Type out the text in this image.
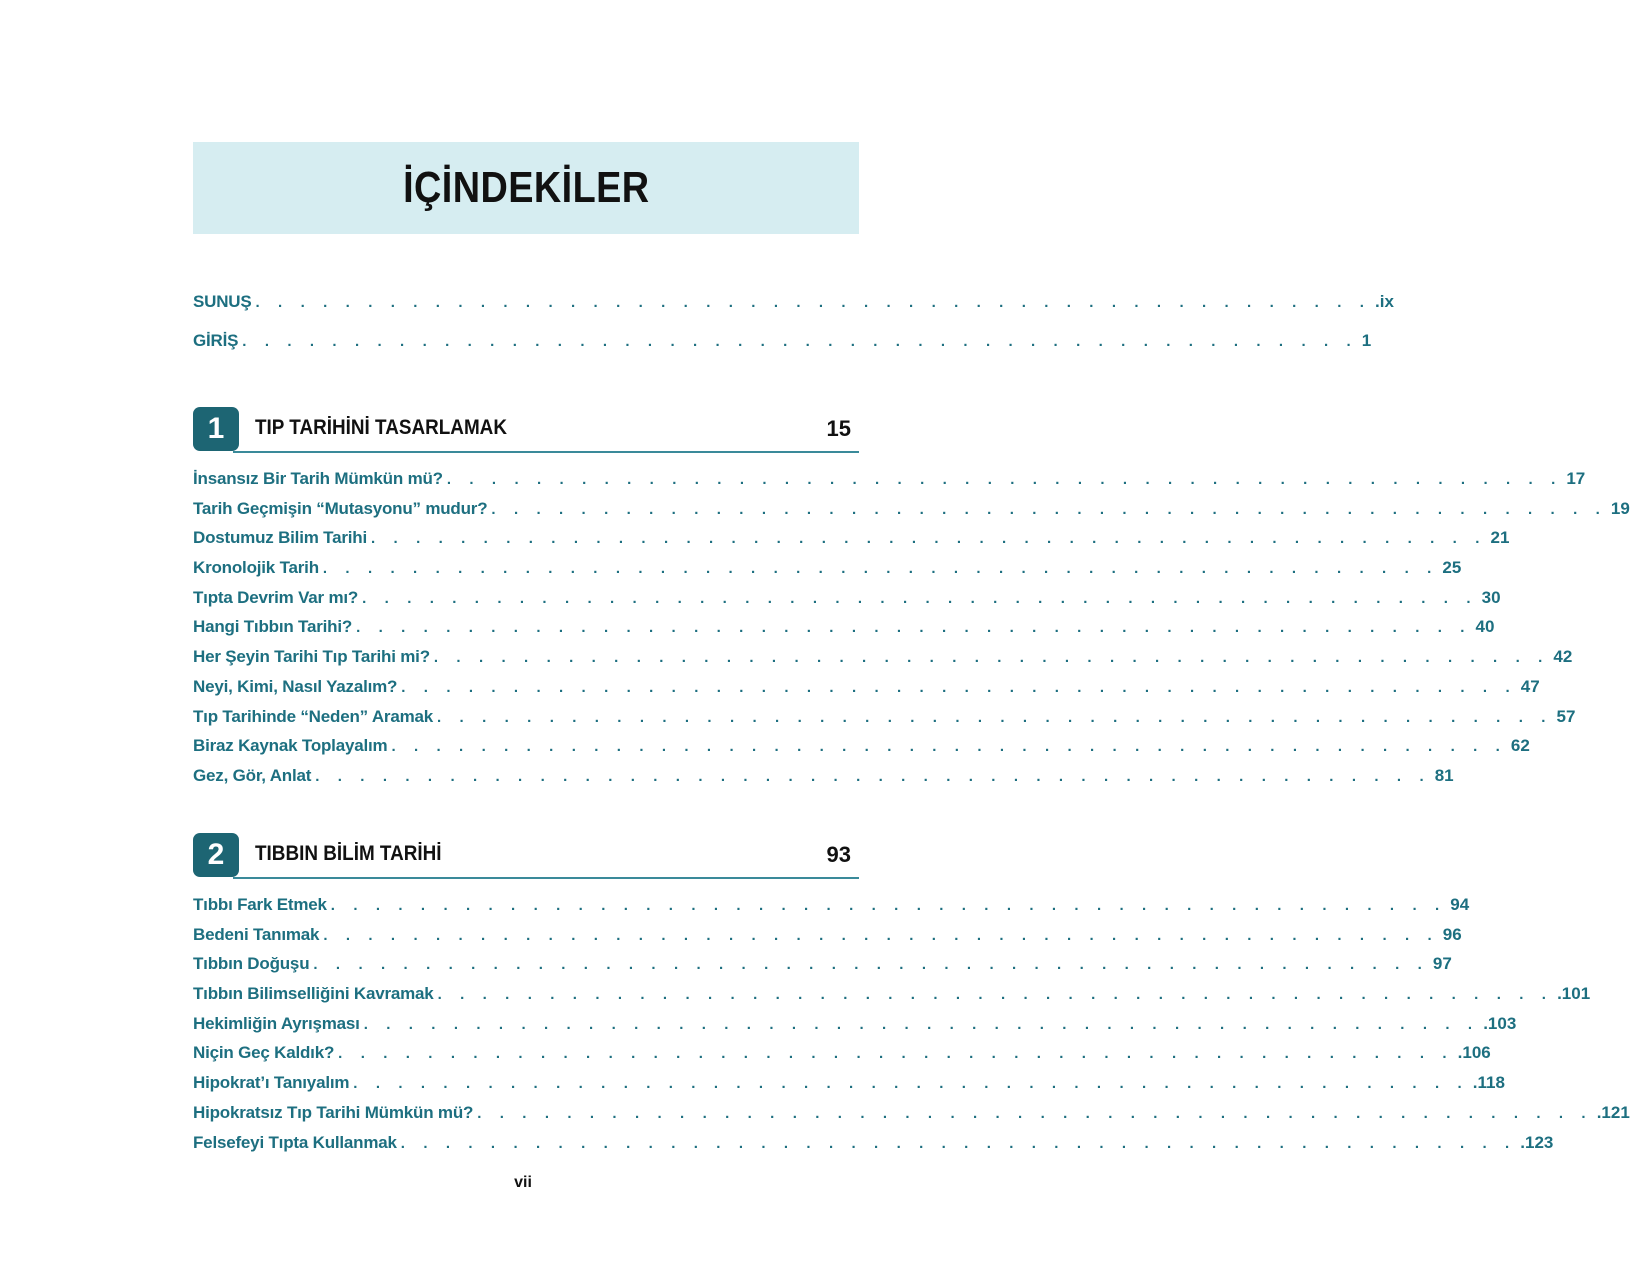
İÇİNDEKİLER
SUNUŞ . . . . . . . . . . . . . . . . . . . . . . . . . . . . . . . . . . . . . . . . . . . . . . . . . . .ix
GİRİŞ . . . . . . . . . . . . . . . . . . . . . . . . . . . . . . . . . . . . . . . . . . . . . . . . . . 1
1	TIP TARİHİNİ TASARLAMAK	15
İnsansız Bir Tarih Mümkün mü? . . . . . . . . . . . . . . . . . . . . . . . . . . . . . . . . . . . . . . . . . . . . . . . . . . 17
Tarih Geçmişin “Mutasyonu” mudur? . . . . . . . . . . . . . . . . . . . . . . . . . . . . . . . . . . . . . . . . . . . . . . . . . . 19
Dostumuz Bilim Tarihi . . . . . . . . . . . . . . . . . . . . . . . . . . . . . . . . . . . . . . . . . . . . . . . . . . 21
Kronolojik Tarih . . . . . . . . . . . . . . . . . . . . . . . . . . . . . . . . . . . . . . . . . . . . . . . . . . 25
Tıpta Devrim Var mı? . . . . . . . . . . . . . . . . . . . . . . . . . . . . . . . . . . . . . . . . . . . . . . . . . . 30
Hangi Tıbbın Tarihi? . . . . . . . . . . . . . . . . . . . . . . . . . . . . . . . . . . . . . . . . . . . . . . . . . . 40
Her Şeyin Tarihi Tıp Tarihi mi? . . . . . . . . . . . . . . . . . . . . . . . . . . . . . . . . . . . . . . . . . . . . . . . . . . 42
Neyi, Kimi, Nasıl Yazalım? . . . . . . . . . . . . . . . . . . . . . . . . . . . . . . . . . . . . . . . . . . . . . . . . . . 47
Tıp Tarihinde “Neden” Aramak . . . . . . . . . . . . . . . . . . . . . . . . . . . . . . . . . . . . . . . . . . . . . . . . . . 57
Biraz Kaynak Toplayalım . . . . . . . . . . . . . . . . . . . . . . . . . . . . . . . . . . . . . . . . . . . . . . . . . . 62
Gez, Gör, Anlat . . . . . . . . . . . . . . . . . . . . . . . . . . . . . . . . . . . . . . . . . . . . . . . . . . 81
2	TIBBIN BİLİM TARİHİ	93
Tıbbı Fark Etmek . . . . . . . . . . . . . . . . . . . . . . . . . . . . . . . . . . . . . . . . . . . . . . . . . . 94
Bedeni Tanımak . . . . . . . . . . . . . . . . . . . . . . . . . . . . . . . . . . . . . . . . . . . . . . . . . . 96
Tıbbın Doğuşu . . . . . . . . . . . . . . . . . . . . . . . . . . . . . . . . . . . . . . . . . . . . . . . . . . 97
Tıbbın Bilimselliğini Kavramak . . . . . . . . . . . . . . . . . . . . . . . . . . . . . . . . . . . . . . . . . . . . . . . . . . .101
Hekimliğin Ayrışması . . . . . . . . . . . . . . . . . . . . . . . . . . . . . . . . . . . . . . . . . . . . . . . . . . .103
Niçin Geç Kaldık? . . . . . . . . . . . . . . . . . . . . . . . . . . . . . . . . . . . . . . . . . . . . . . . . . . .106
Hipokrat’ı Tanıyalım . . . . . . . . . . . . . . . . . . . . . . . . . . . . . . . . . . . . . . . . . . . . . . . . . . .118
Hipokratsız Tıp Tarihi Mümkün mü? . . . . . . . . . . . . . . . . . . . . . . . . . . . . . . . . . . . . . . . . . . . . . . . . . . .121
Felsefeyi Tıpta Kullanmak . . . . . . . . . . . . . . . . . . . . . . . . . . . . . . . . . . . . . . . . . . . . . . . . . . .123
vii
